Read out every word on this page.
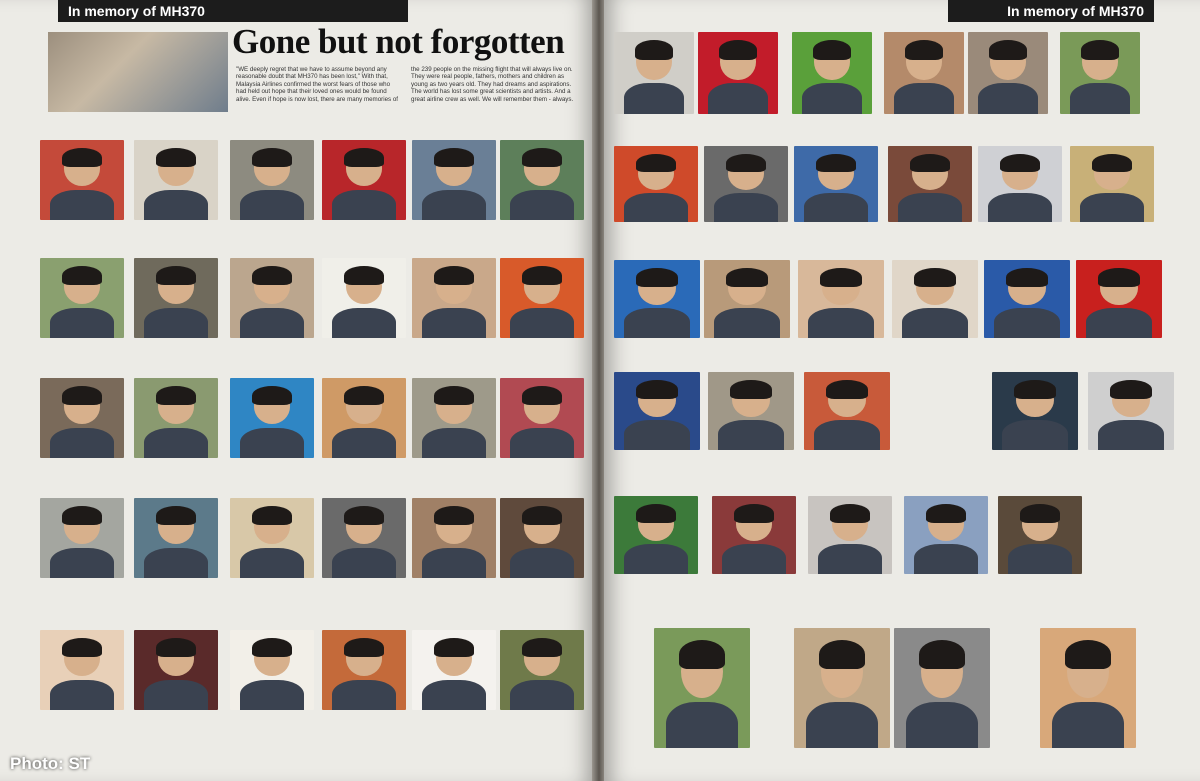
In memory of MH370
Gone but not forgotten
"WE deeply regret that we have to assume beyond any reasonable doubt that MH370 has been lost," With that, Malaysia Airlines confirmed the worst fears of those who had held out hope that their loved ones would be found alive. Even if hope is now lost, there are many memories of the 239 people on the missing flight that will always live on. They were real people, fathers, mothers and children as young as two years old. They had dreams and aspirations. The world has lost some great scientists and artists. And a great airline crew as well. We will remember them - always.
In memory of MH370
Photo: ST
